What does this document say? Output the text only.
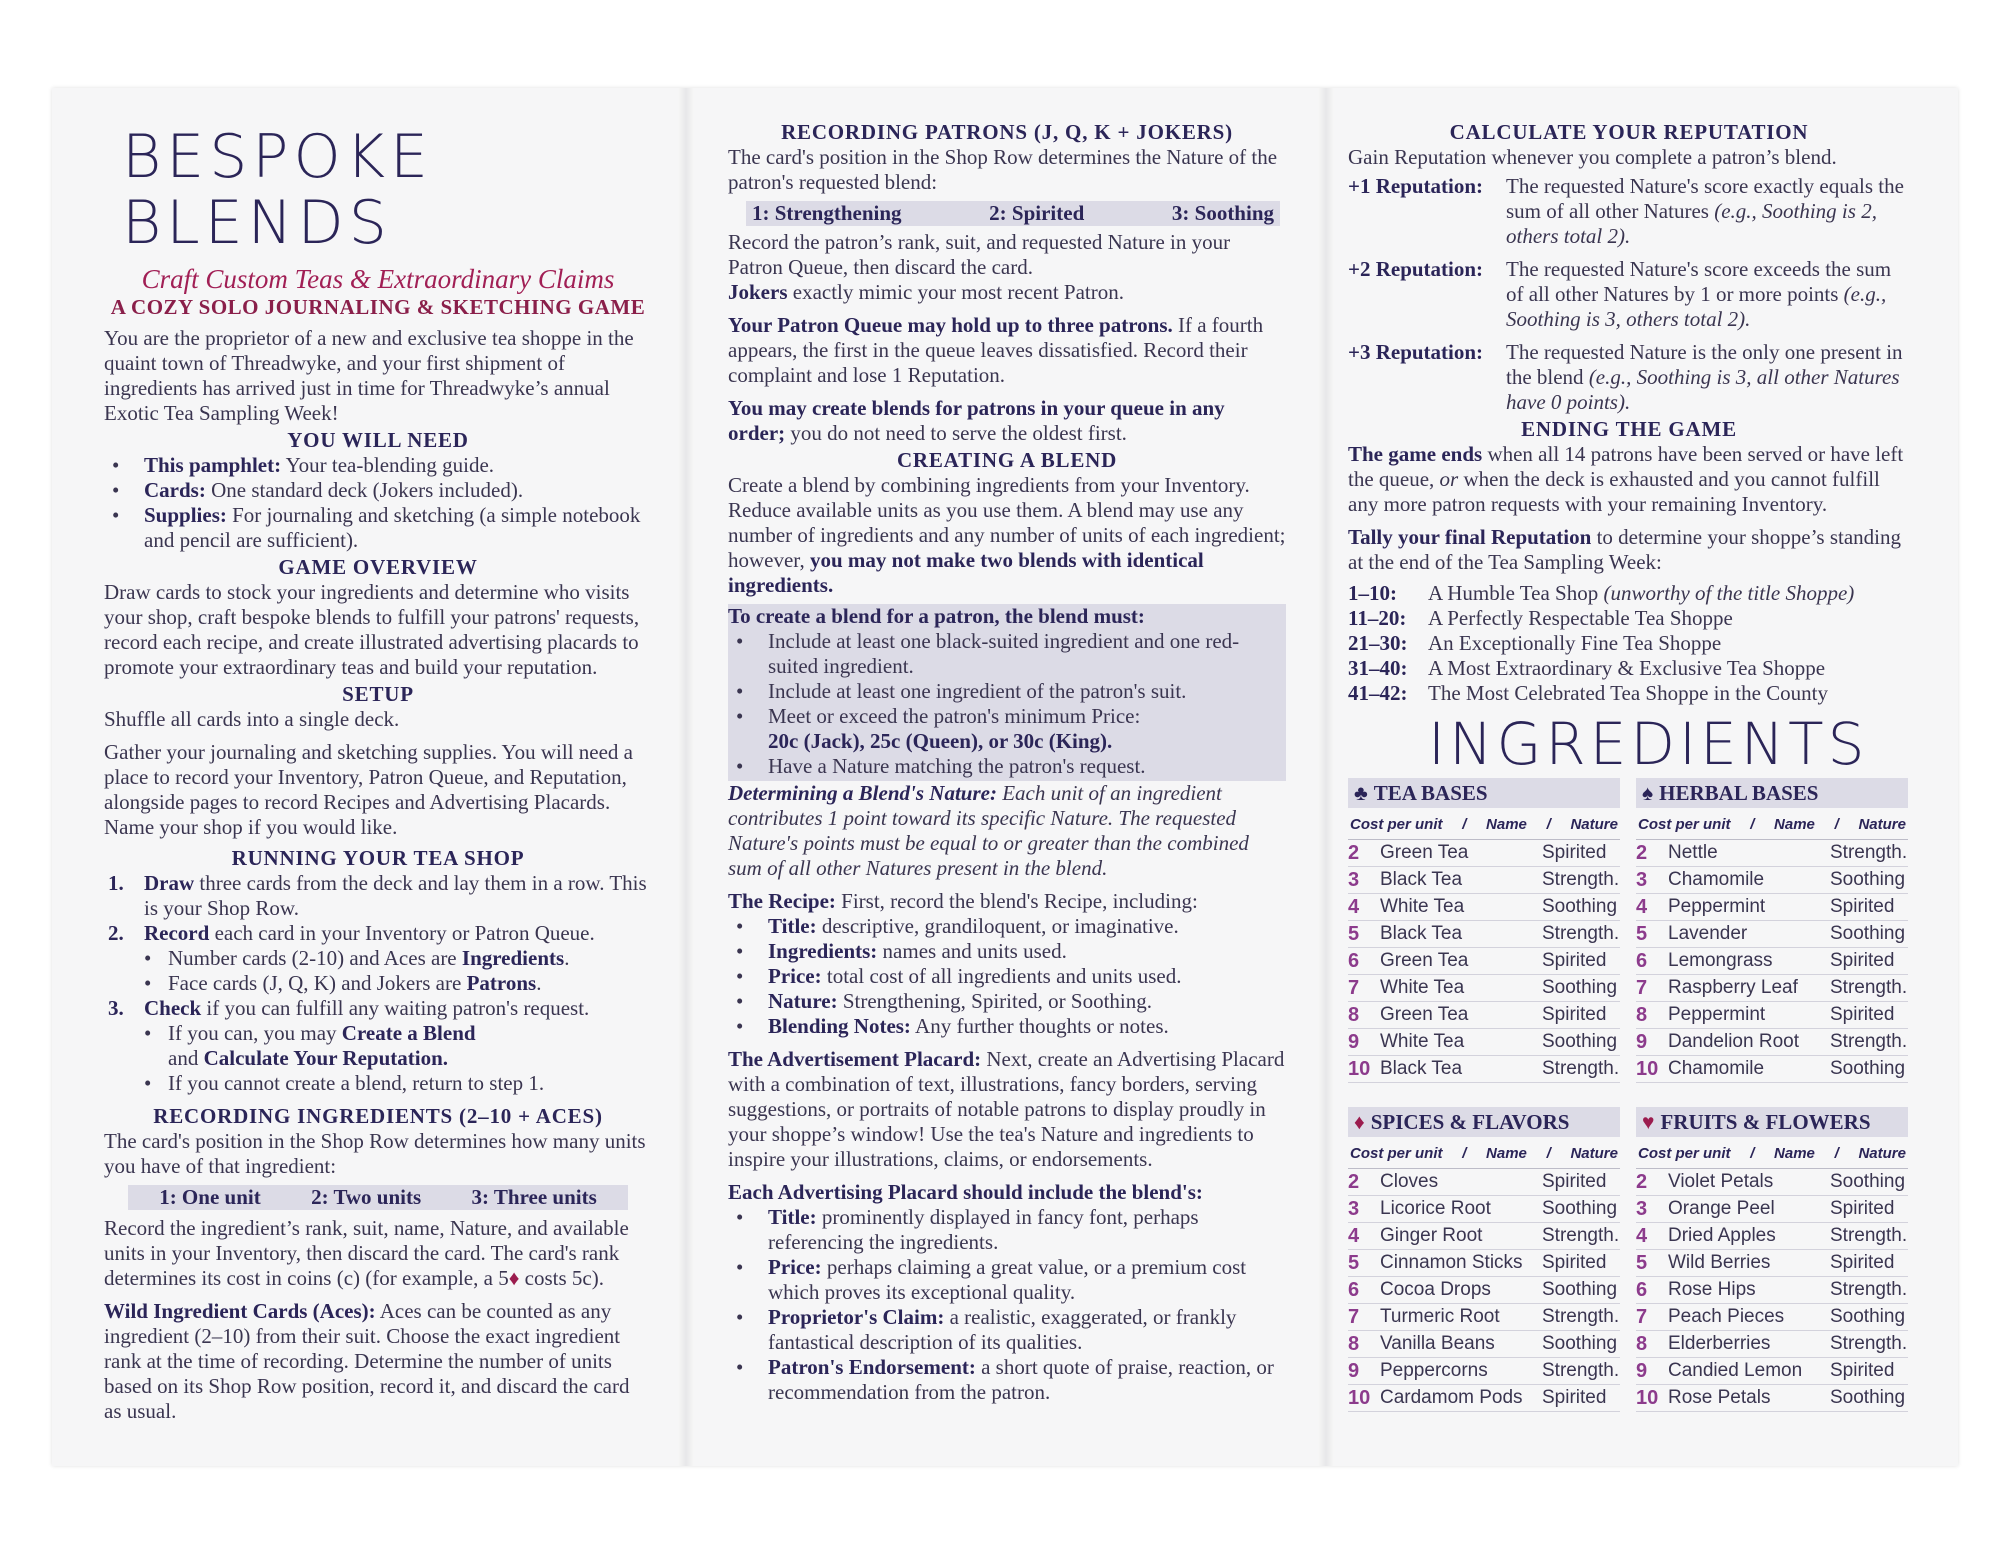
BESPOKE BLENDS
Craft Custom Teas & Extraordinary Claims
A COZY SOLO JOURNALING & SKETCHING GAME

You are the proprietor of a new and exclusive tea shoppe in the quaint town of Threadwyke, and your first shipment of ingredients has arrived just in time for Threadwyke’s annual Exotic Tea Sampling Week!

YOU WILL NEED
• This pamphlet: Your tea-blending guide.
• Cards: One standard deck (Jokers included).
• Supplies: For journaling and sketching (a simple notebook and pencil are sufficient).
GAME OVERVIEW

Draw cards to stock your ingredients and determine who visits your shop, craft bespoke blends to fulfill your patrons' requests, record each recipe, and create illustrated advertising placards to promote your extraordinary teas and build your reputation.

SETUP

Shuffle all cards into a single deck.

Gather your journaling and sketching supplies. You will need a place to record your Inventory, Patron Queue, and Reputation, alongside pages to record Recipes and Advertising Placards. Name your shop if you would like.

RUNNING YOUR TEA SHOP
1. Draw three cards from the deck and lay them in a row. This is your Shop Row.
2. Record each card in your Inventory or Patron Queue.
• Number cards (2-10) and Aces are Ingredients.
• Face cards (J, Q, K) and Jokers are Patrons.
3. Check if you can fulfill any waiting patron's request.
• If you can, you may Create a Blend
and Calculate Your Reputation.
• If you cannot create a blend, return to step 1.
RECORDING INGREDIENTS (2–10 + ACES)

The card's position in the Shop Row determines how many units you have of that ingredient:

1: One unit 2: Two units 3: Three units

Record the ingredient’s rank, suit, name, Nature, and available units in your Inventory, then discard the card. The card's rank determines its cost in coins (c) (for example, a 5♦ costs 5c).

Wild Ingredient Cards (Aces): Aces can be counted as any ingredient (2–10) from their suit. Choose the exact ingredient rank at the time of recording. Determine the number of units based on its Shop Row position, record it, and discard the card as usual.

RECORDING PATRONS (J, Q, K + JOKERS)

The card's position in the Shop Row determines the Nature of the patron's requested blend:

1: Strengthening	2: Spirited	3: Soothing

Record the patron’s rank, suit, and requested Nature in your Patron Queue, then discard the card.

Jokers exactly mimic your most recent Patron.

Your Patron Queue may hold up to three patrons. If a fourth appears, the first in the queue leaves dissatisfied. Record their complaint and lose 1 Reputation.

You may create blends for patrons in your queue in any order; you do not need to serve the oldest first.

CREATING A BLEND

Create a blend by combining ingredients from your Inventory. Reduce available units as you use them. A blend may use any number of ingredients and any number of units of each ingredient; however, you may not make two blends with identical ingredients.

To create a blend for a patron, the blend must:

• Include at least one black-suited ingredient and one red-suited ingredient.
• Include at least one ingredient of the patron's suit.
• Meet or exceed the patron's minimum Price:
20c (Jack), 25c (Queen), or 30c (King).
• Have a Nature matching the patron's request.

Determining a Blend's Nature: Each unit of an ingredient contributes 1 point toward its specific Nature. The requested Nature's points must be equal to or greater than the combined sum of all other Natures present in the blend.

The Recipe: First, record the blend's Recipe, including:

• Title: descriptive, grandiloquent, or imaginative.
• Ingredients: names and units used.
• Price: total cost of all ingredients and units used.
• Nature: Strengthening, Spirited, or Soothing.
• Blending Notes: Any further thoughts or notes.

The Advertisement Placard: Next, create an Advertising Placard with a combination of text, illustrations, fancy borders, serving suggestions, or portraits of notable patrons to display proudly in your shoppe’s window! Use the tea's Nature and ingredients to inspire your illustrations, claims, or endorsements.

Each Advertising Placard should include the blend's:

• Title: prominently displayed in fancy font, perhaps referencing the ingredients.
• Price: perhaps claiming a great value, or a premium cost which proves its exceptional quality.
• Proprietor's Claim: a realistic, exaggerated, or frankly fantastical description of its qualities.
• Patron's Endorsement: a short quote of praise, reaction, or recommendation from the patron.
CALCULATE YOUR REPUTATION

Gain Reputation whenever you complete a patron’s blend.

+1 Reputation:	The requested Nature's score exactly equals the sum of all other Natures (e.g., Soothing is 2, others total 2).
+2 Reputation:	The requested Nature's score exceeds the sum of all other Natures by 1 or more points (e.g., Soothing is 3, others total 2).
+3 Reputation:	The requested Nature is the only one present in the blend (e.g., Soothing is 3, all other Natures have 0 points).
ENDING THE GAME

The game ends when all 14 patrons have been served or have left the queue, or when the deck is exhausted and you cannot fulfill any more patron requests with your remaining Inventory.

Tally your final Reputation to determine your shoppe’s standing at the end of the Tea Sampling Week:

1–10:	A Humble Tea Shop (unworthy of the title Shoppe)
11–20:	A Perfectly Respectable Tea Shoppe
21–30: An Exceptionally Fine Tea Shoppe
31–40: A Most Extraordinary & Exclusive Tea Shoppe
41–42: The Most Celebrated Tea Shoppe in the County
INGREDIENTS
♣ TEA BASES
Cost per unit / Name / Nature
2	Green Tea	Spirited
3	Black Tea	Strength.
4	White Tea	Soothing
5	Black Tea	Strength.
6	Green Tea	Spirited
7	White Tea	Soothing
8	Green Tea	Spirited
9	White Tea	Soothing
10 Black Tea	Strength.
♠ HERBAL BASES
Cost per unit / Name / Nature
2	Nettle	Strength.
3	Chamomile	Soothing
4	Peppermint	Spirited
5	Lavender	Soothing
6	Lemongrass	Spirited
7	Raspberry Leaf	Strength.
8	Peppermint	Spirited
9	Dandelion Root	Strength.
10 Chamomile	Soothing
♦ SPICES & FLAVORS
Cost per unit / Name / Nature
2	Cloves	Spirited
3	Licorice Root	Soothing
4	Ginger Root	Strength.
5	Cinnamon Sticks	Spirited
6	Cocoa Drops	Soothing
7	Turmeric Root	Strength.
8	Vanilla Beans	Soothing
9	Peppercorns	Strength.
10 Cardamom Pods	Spirited
♥ FRUITS & FLOWERS
Cost per unit / Name / Nature
2	Violet Petals	Soothing
3	Orange Peel	Spirited
4	Dried Apples	Strength.
5	Wild Berries	Spirited
6	Rose Hips	Strength.
7	Peach Pieces	Soothing
8	Elderberries	Strength.
9	Candied Lemon	Spirited
10 Rose Petals	Soothing
